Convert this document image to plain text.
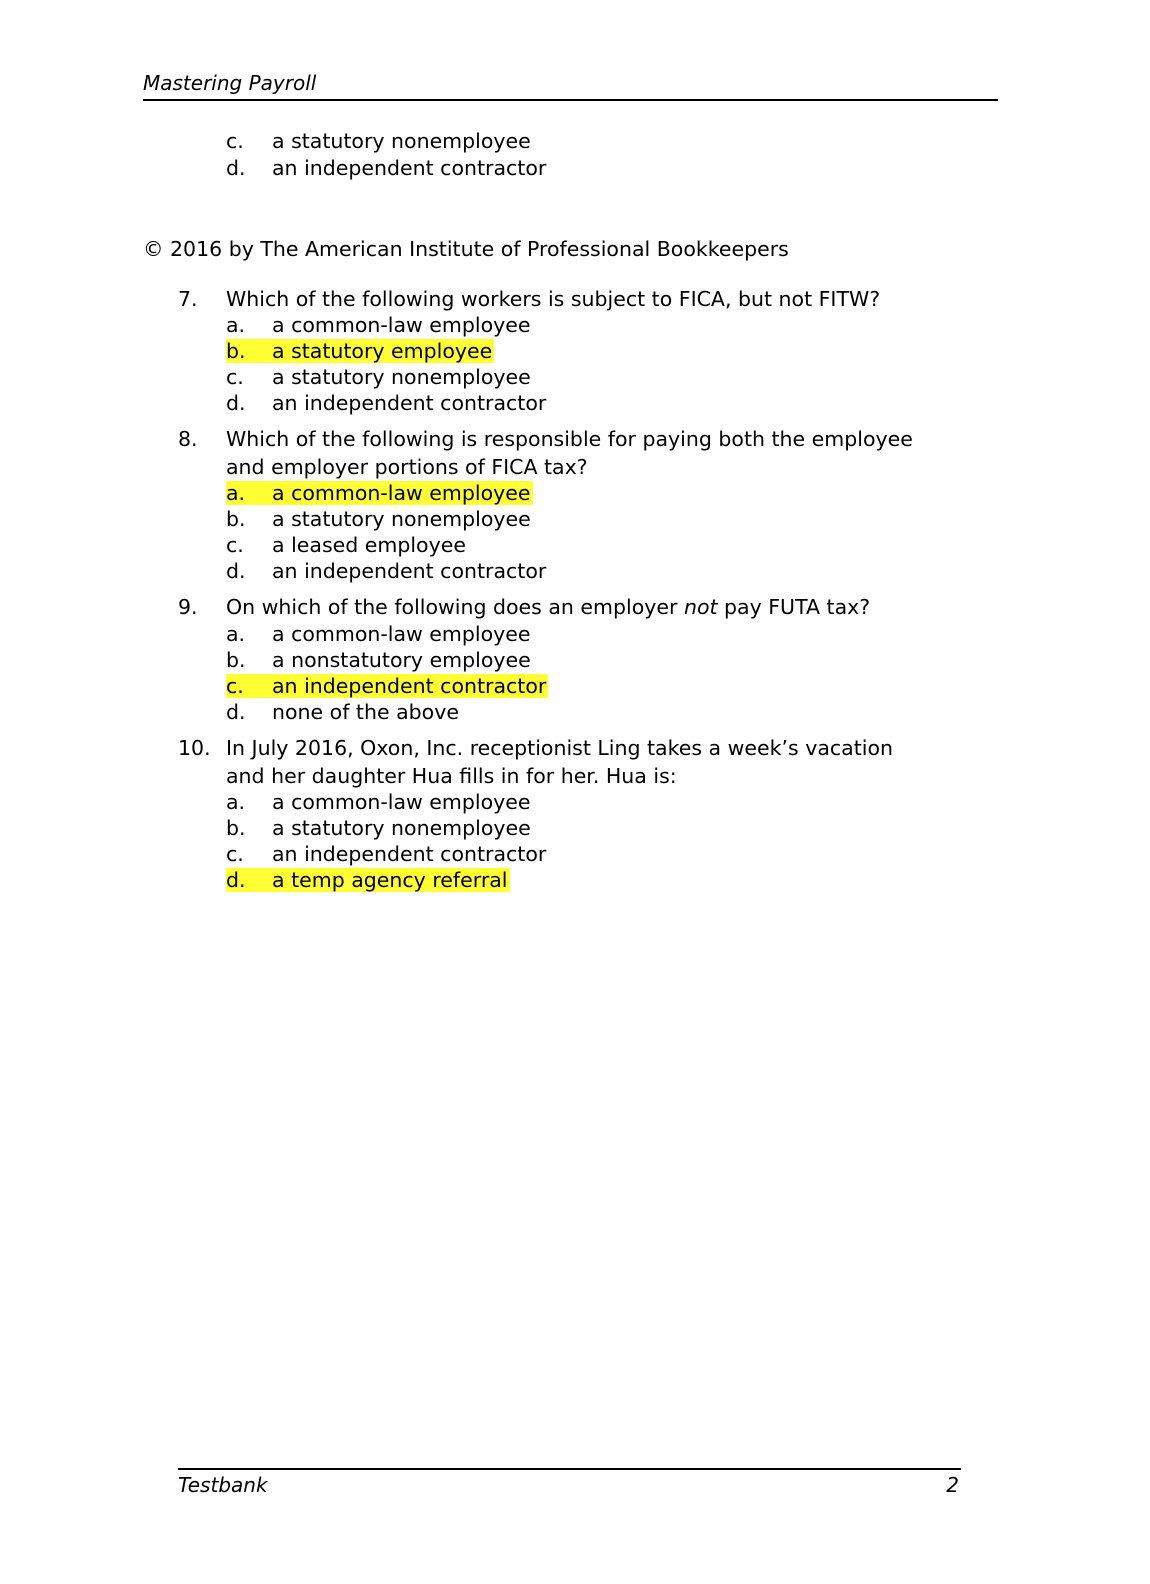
Mastering Payroll
c. a statutory nonemployee
d. an independent contractor
© 2016 by The American Institute of Professional Bookkeepers
7. Which of the following workers is subject to FICA, but not FITW?
a. a common-law employee
b. a statutory employee
c. a statutory nonemployee
d. an independent contractor
8. Which of the following is responsible for paying both the employee
and employer portions of FICA tax?
a. a common-law employee
b. a statutory nonemployee
c. a leased employee
d. an independent contractor
9. On which of the following does an employer not pay FUTA tax?
a. a common-law employee
b. a nonstatutory employee
c. an independent contractor
d. none of the above
10. In July 2016, Oxon, Inc. receptionist Ling takes a week’s vacation
and her daughter Hua fills in for her. Hua is:
a. a common-law employee
b. a statutory nonemployee
c. an independent contractor
d. a temp agency referral
Testbank	2
